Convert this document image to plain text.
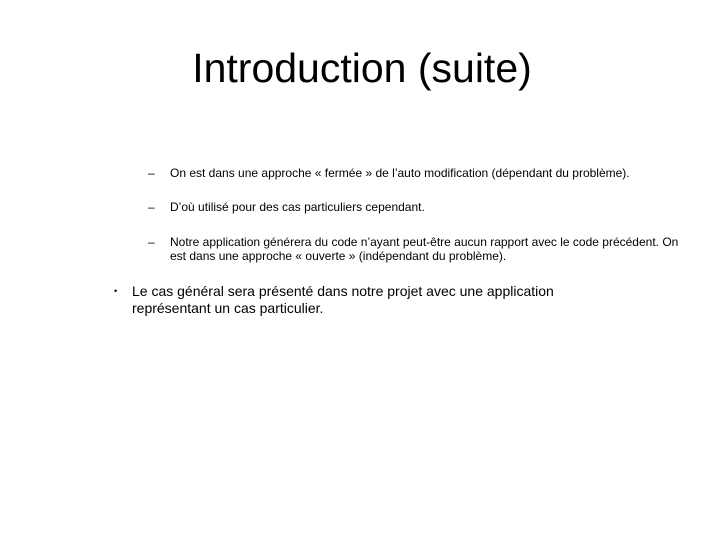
Introduction (suite)
–	On est dans une approche « fermée » de l’auto modification (dépendant du problème).
–	D’où utilisé pour des cas particuliers cependant.
–	Notre application générera du code n’ayant peut-être aucun rapport avec le code précédent. On est dans une approche « ouverte » (indépendant du problème).
• Le cas général sera présenté dans notre projet avec une application représentant un cas particulier.
